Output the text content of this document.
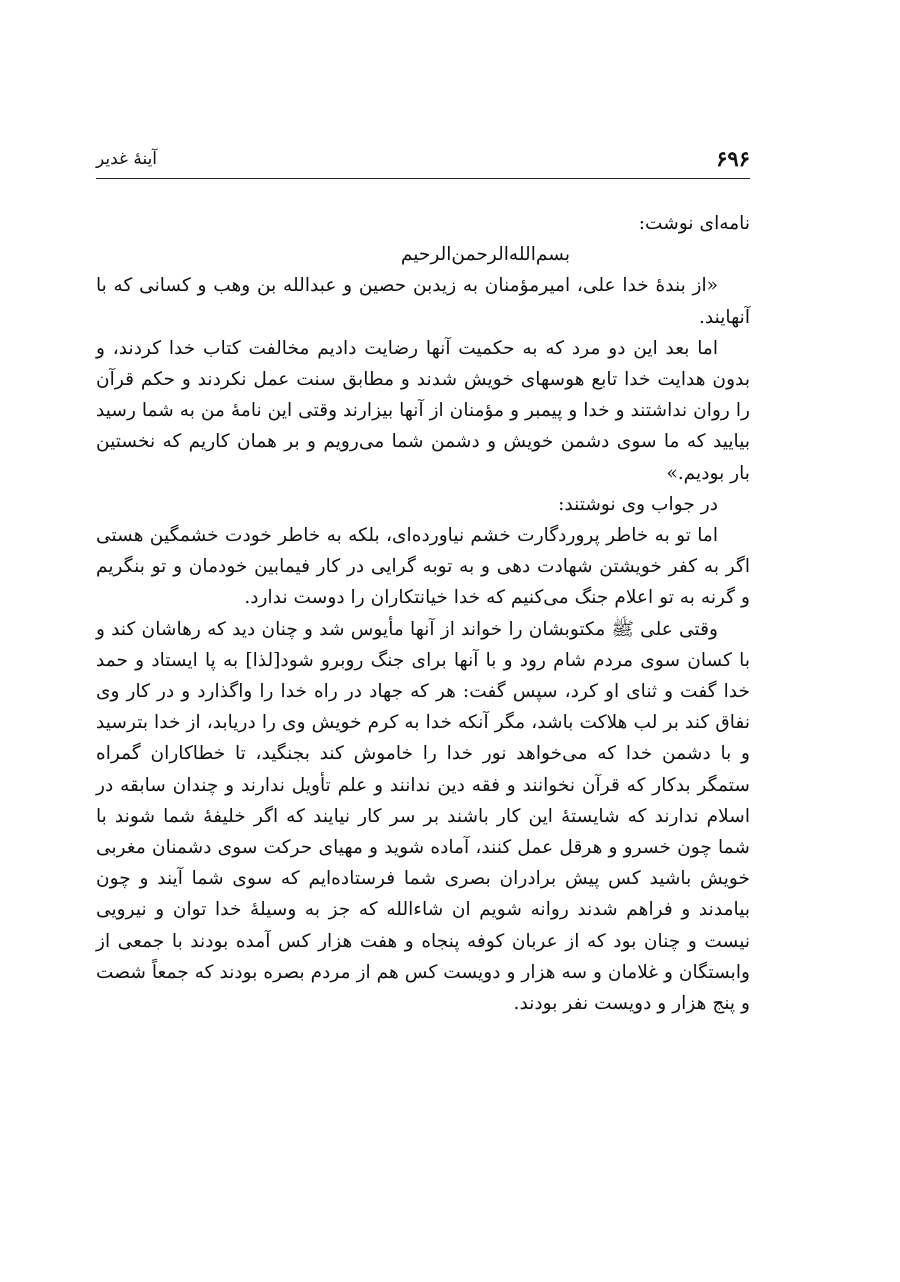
۶۹۶
آینهٔ غدیر

نامه‌ای نوشت:

بسم‌الله‌الرحمن‌الرحیم

«از بندهٔ خدا علی، امیرمؤمنان به زیدبن حصین و عبدالله بن وهب و کسانی که با آنهایند.

اما بعد این دو مرد که به حکمیت آنها رضایت دادیم مخالفت کتاب خدا کردند، و بدون هدایت خدا تابع هوسهای خویش شدند و مطابق سنت عمل نکردند و حکم قرآن را روان نداشتند و خدا و پیمبر و مؤمنان از آنها بیزارند وقتی این نامهٔ من به شما رسید بیایید که ما سوی دشمن خویش و دشمن شما می‌رویم و بر همان کاریم که نخستین بار بودیم.»

در جواب وی نوشتند:

اما تو به خاطر پروردگارت خشم نیاورده‌ای، بلکه به خاطر خودت خشمگین هستی اگر به کفر خویشتن شهادت دهی و به توبه گرایی در کار فیمابین خودمان و تو بنگریم و گرنه به تو اعلام جنگ می‌کنیم که خدا خیانتکاران را دوست ندارد.

وقتی علی ﷺ مکتوبشان را خواند از آنها مأیوس شد و چنان دید که رهاشان کند و با کسان سوی مردم شام رود و با آنها برای جنگ روبرو شود[لذا] به پا ایستاد و حمد خدا گفت و ثنای او کرد، سپس گفت: هر که جهاد در راه خدا را واگذارد و در کار وی نفاق کند بر لب هلاکت باشد، مگر آنکه خدا به کرم خویش وی را دریابد، از خدا بترسید و با دشمن خدا که می‌خواهد نور خدا را خاموش کند بجنگید، تا خطاکاران گمراه ستمگر بدکار که قرآن نخوانند و فقه دین ندانند و علم تأویل ندارند و چندان سابقه در اسلام ندارند که شایستهٔ این کار باشند بر سر کار نیایند که اگر خلیفهٔ شما شوند با شما چون خسرو و هرقل عمل کنند، آماده شوید و مهیای حرکت سوی دشمنان مغربی خویش باشید کس پیش برادران بصری شما فرستاده‌ایم که سوی شما آیند و چون بیامدند و فراهم شدند روانه شویم ان شاءالله که جز به وسیلهٔ خدا توان و نیرویی نیست و چنان بود که از عربان کوفه پنجاه و هفت هزار کس آمده بودند با جمعی از وابستگان و غلامان و سه هزار و دویست کس هم از مردم بصره بودند که جمعاً شصت و پنج هزار و دویست نفر بودند.
